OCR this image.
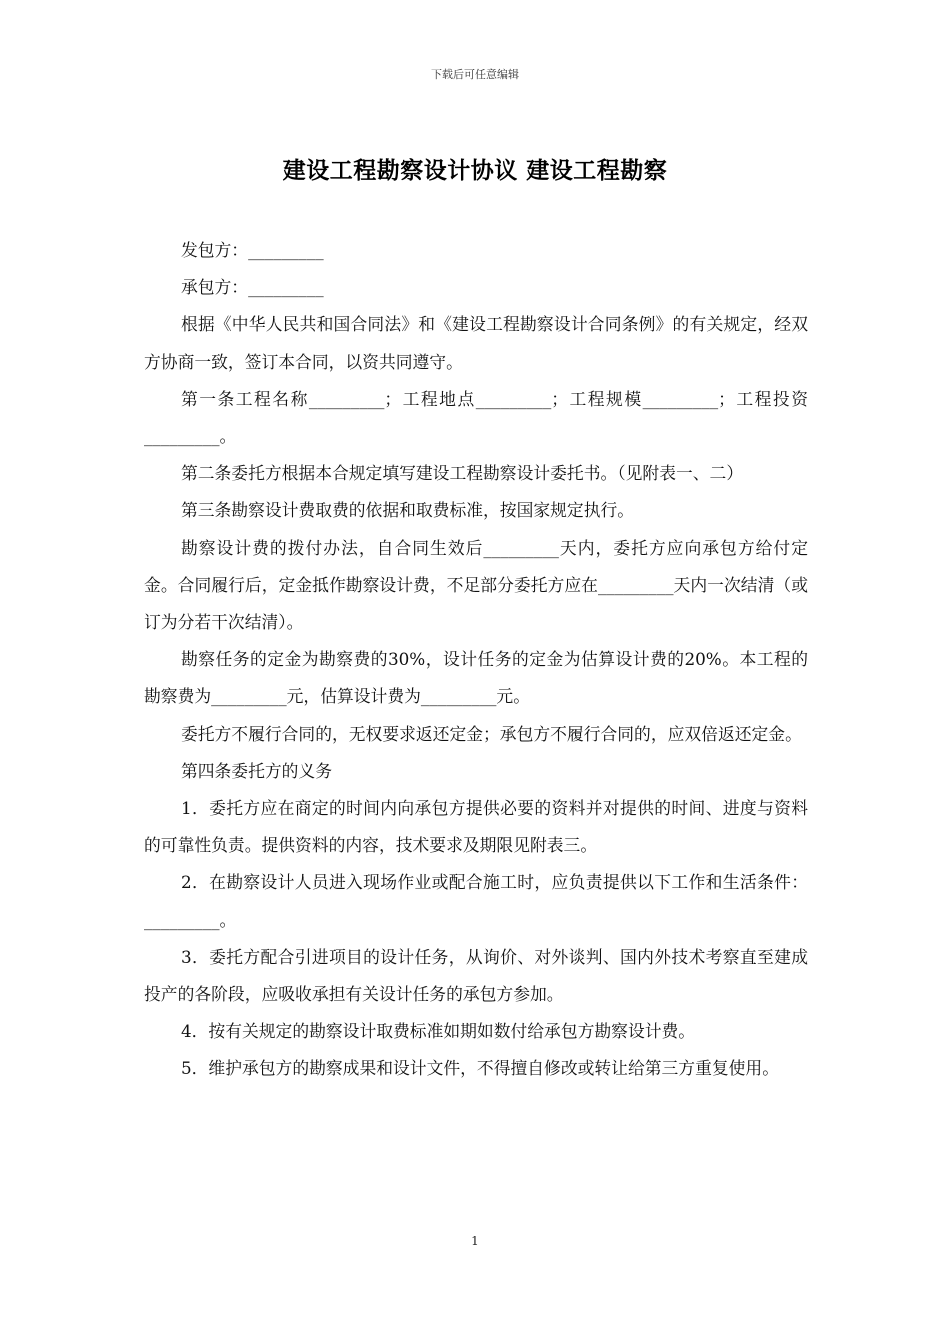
下载后可任意编辑
建设工程勘察设计协议 建设工程勘察

发包方：_________

承包方：_________

根据《中华人民共和国合同法》和《建设工程勘察设计合同条例》的有关规定，经双方协商一致，签订本合同，以资共同遵守。

第一条工程名称_________；工程地点_________；工程规模_________；工程投资_________。

第二条委托方根据本合规定填写建设工程勘察设计委托书。（见附表一、二）

第三条勘察设计费取费的依据和取费标准，按国家规定执行。

勘察设计费的拨付办法，自合同生效后_________天内，委托方应向承包方给付定金。合同履行后，定金抵作勘察设计费，不足部分委托方应在_________天内一次结清（或订为分若干次结清）。

勘察任务的定金为勘察费的30%，设计任务的定金为估算设计费的20%。本工程的勘察费为_________元，估算设计费为_________元。

委托方不履行合同的，无权要求返还定金；承包方不履行合同的，应双倍返还定金。

第四条委托方的义务

1．委托方应在商定的时间内向承包方提供必要的资料并对提供的时间、进度与资料的可靠性负责。提供资料的内容，技术要求及期限见附表三。

2．在勘察设计人员进入现场作业或配合施工时，应负责提供以下工作和生活条件：_________。

3．委托方配合引进项目的设计任务，从询价、对外谈判、国内外技术考察直至建成投产的各阶段，应吸收承担有关设计任务的承包方参加。

4．按有关规定的勘察设计取费标准如期如数付给承包方勘察设计费。

5．维护承包方的勘察成果和设计文件，不得擅自修改或转让给第三方重复使用。

1
